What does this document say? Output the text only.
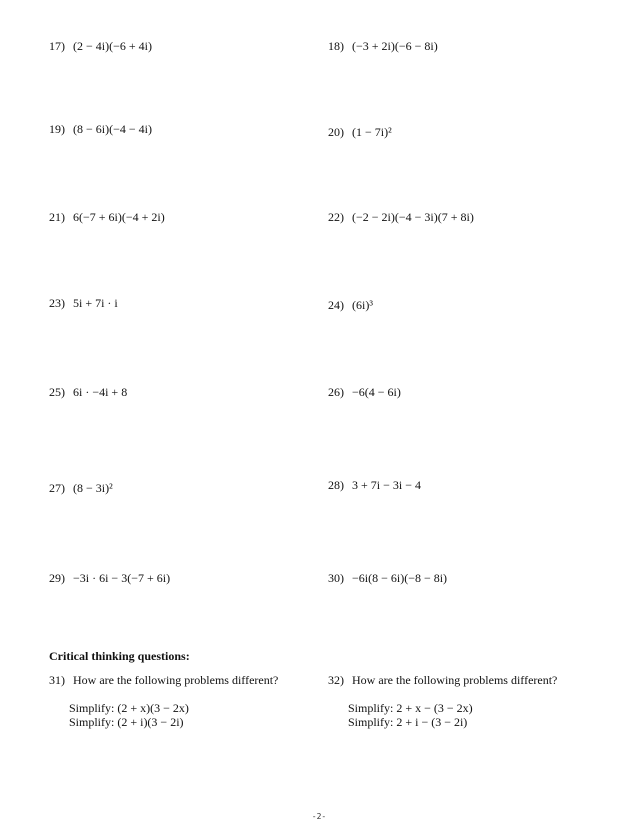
17) (2 − 4i)(−6 + 4i)	18) (−3 + 2i)(−6 − 8i)
19) (8 − 6i)(−4 − 4i)	20) (1 − 7i)²
21) 6(−7 + 6i)(−4 + 2i)	22) (−2 − 2i)(−4 − 3i)(7 + 8i)
23) 5i + 7i · i	24) (6i)³
25) 6i · −4i + 8	26) −6(4 − 6i)
27) (8 − 3i)²	28) 3 + 7i − 3i − 4
29) −3i · 6i − 3(−7 + 6i)	30) −6i(8 − 6i)(−8 − 8i)
Critical thinking questions:
31) How are the following problems different?
Simplify: (2 + x)(3 − 2x)
Simplify: (2 + i)(3 − 2i)
32) How are the following problems different?
Simplify: 2 + x − (3 − 2x)
Simplify: 2 + i − (3 − 2i)
-2-
